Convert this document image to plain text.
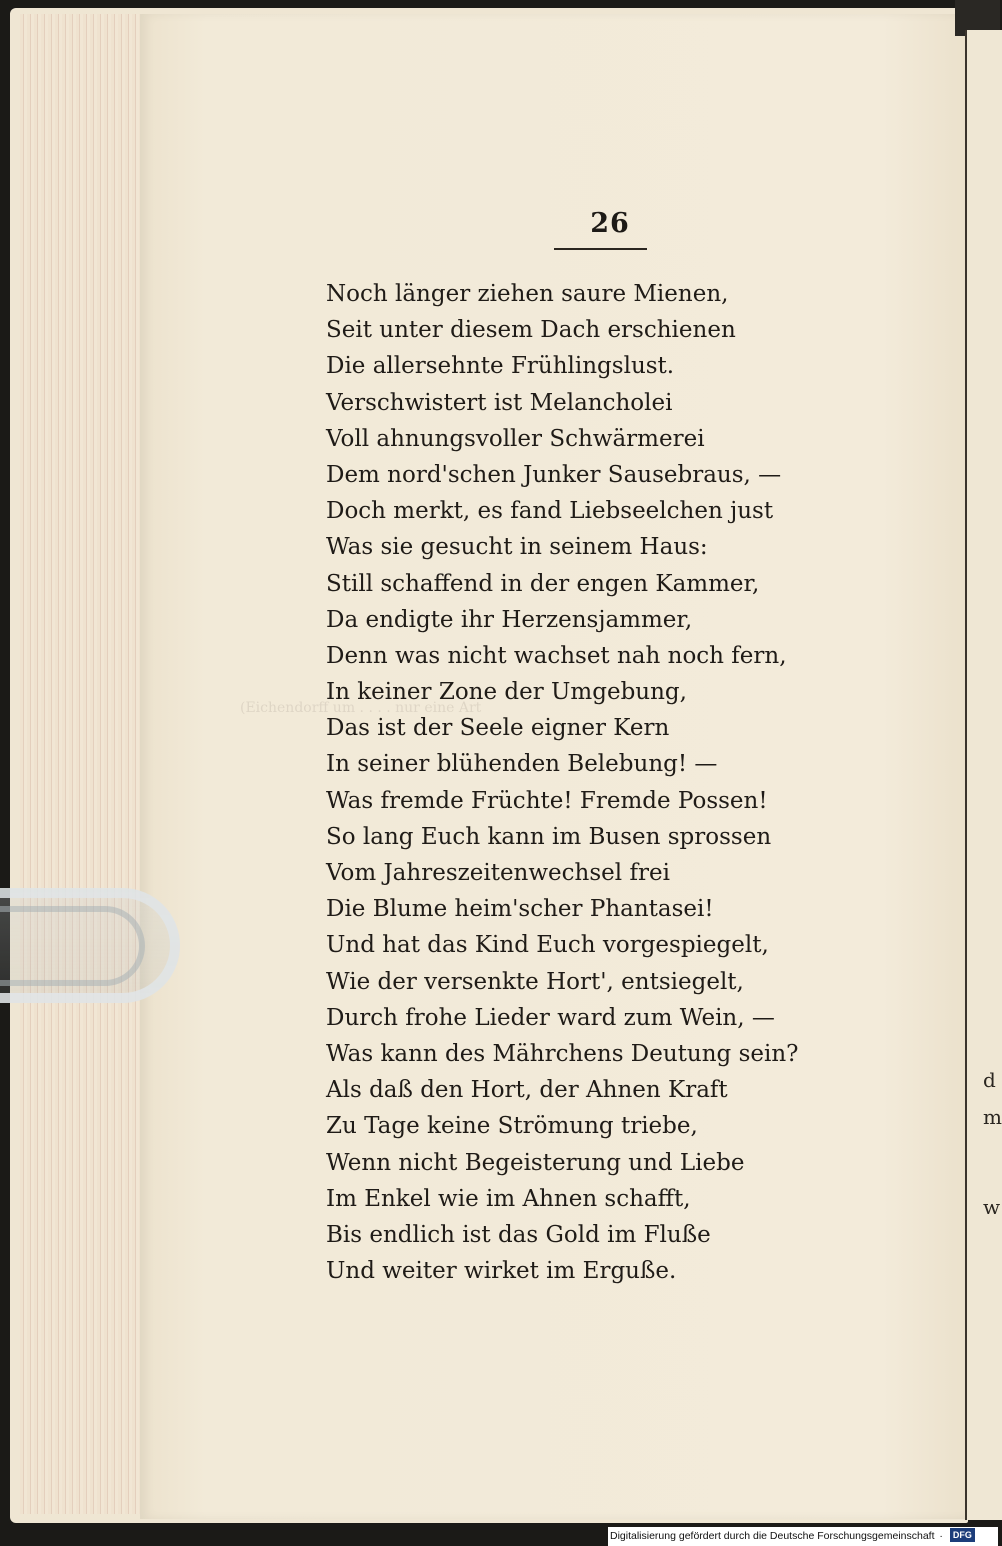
d
m
w
26
Noch länger ziehen saure Mienen,
Seit unter diesem Dach erschienen
Die allersehnte Frühlingslust.
Verschwistert ist Melancholei
Voll ahnungsvoller Schwärmerei
Dem nord'schen Junker Sausebraus, —
Doch merkt, es fand Liebseelchen just
Was sie gesucht in seinem Haus:
Still schaffend in der engen Kammer,
Da endigte ihr Herzensjammer,
Denn was nicht wachset nah noch fern,
In keiner Zone der Umgebung,
Das ist der Seele eigner Kern
In seiner blühenden Belebung! —
Was fremde Früchte! Fremde Possen!
So lang Euch kann im Busen sprossen
Vom Jahreszeitenwechsel frei
Die Blume heim'scher Phantasei!
Und hat das Kind Euch vorgespiegelt,
Wie der versenkte Hort', entsiegelt,
Durch frohe Lieder ward zum Wein, —
Was kann des Mährchens Deutung sein?
Als daß den Hort, der Ahnen Kraft
Zu Tage keine Strömung triebe,
Wenn nicht Begeisterung und Liebe
Im Enkel wie im Ahnen schafft,
Bis endlich ist das Gold im Fluße
Und weiter wirket im Erguße.
Digitalisierung gefördert durch die Deutsche Forschungsgemeinschaft · DFG
